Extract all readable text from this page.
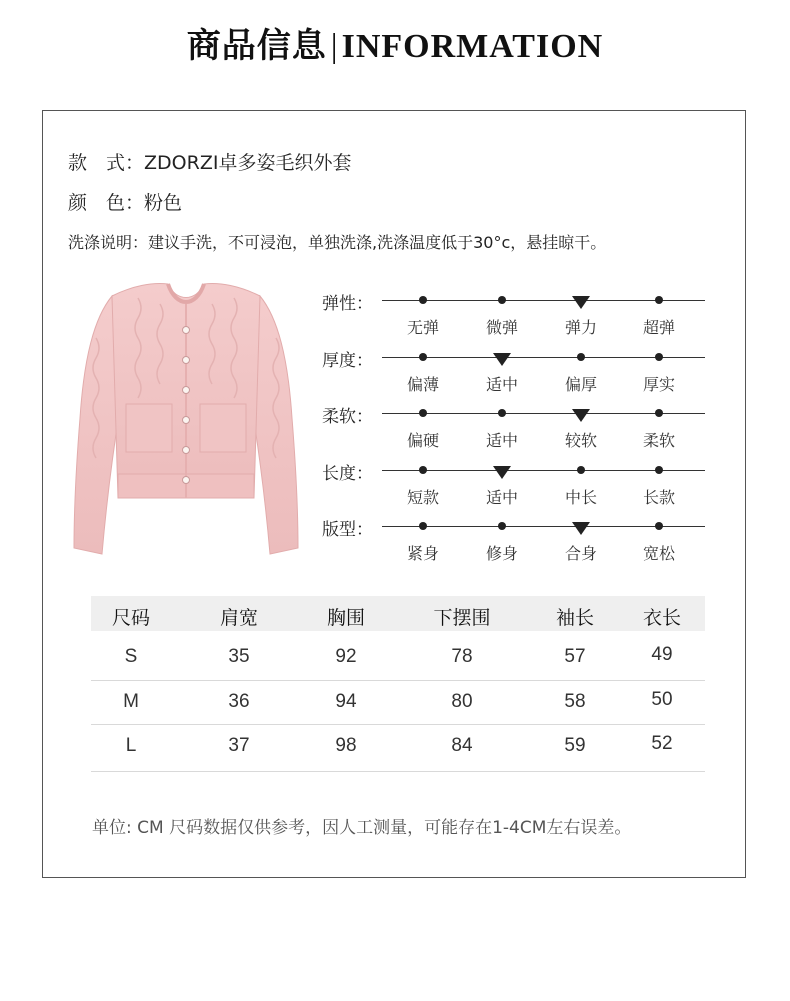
商品信息 | INFORMATION
款　式：ZDORZI卓多姿毛织外套
颜　色：粉色
洗涤说明：建议手洗，不可浸泡，单独洗涤,洗涤温度低于30°c，悬挂晾干。
弹性：
无弹	微弹	弹力	超弹
厚度：
偏薄	适中	偏厚	厚实
柔软：
偏硬	适中	较软	柔软
长度：
短款	适中	中长	长款
版型：
紧身	修身	合身	宽松
尺码	肩宽	胸围	下摆围	袖长	衣长
S	35	92	78	57	49
M	36	94	80	58	50
L	37	98	84	59	52
单位: CM 尺码数据仅供参考，因人工测量，可能存在1-4CM左右误差。
